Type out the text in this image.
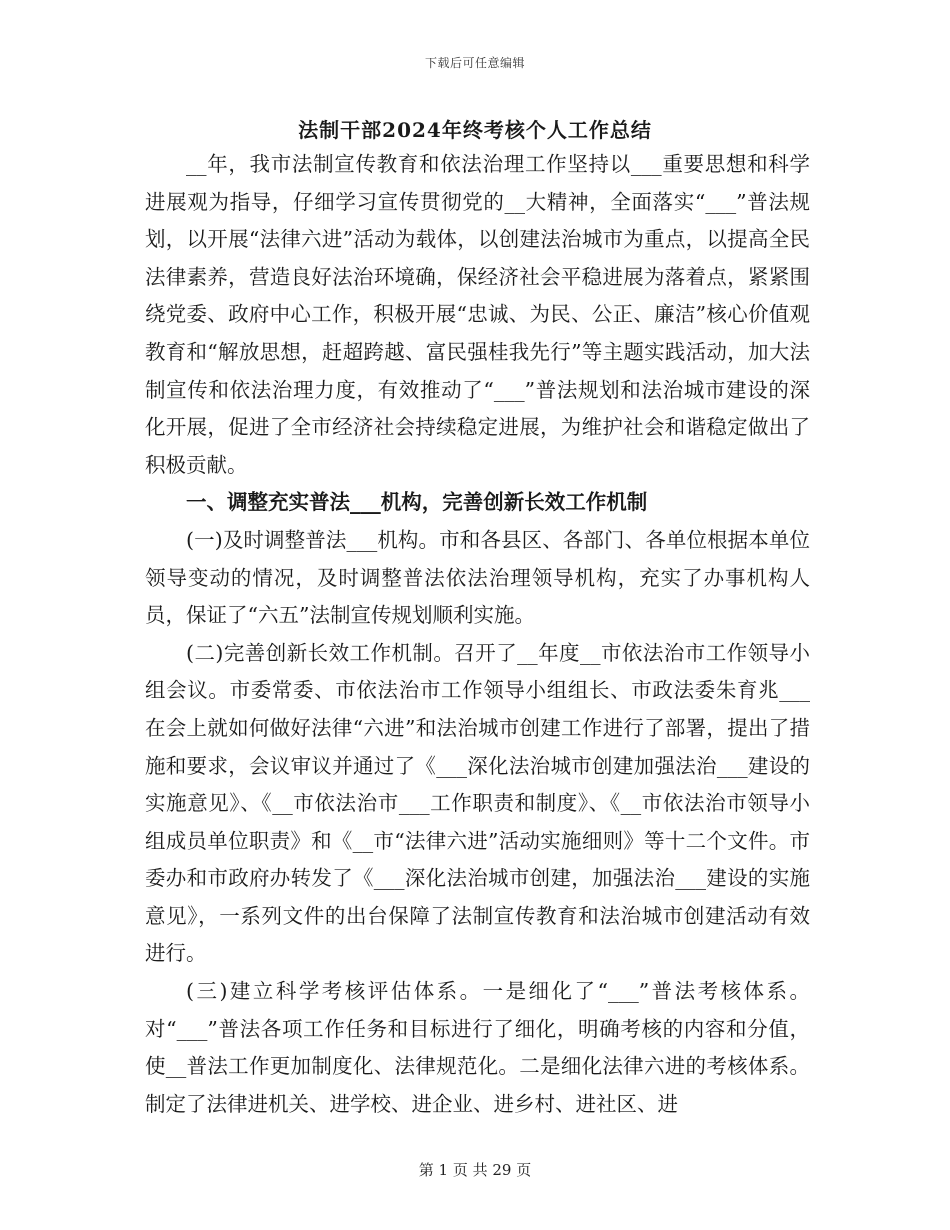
下载后可任意编辑
法制干部2024年终考核个人工作总结

__年，我市法制宣传教育和依法治理工作坚持以___重要思想和科学进展观为指导，仔细学习宣传贯彻党的__大精神，全面落实“___”普法规划，以开展“法律六进”活动为载体，以创建法治城市为重点，以提高全民法律素养，营造良好法治环境确，保经济社会平稳进展为落着点，紧紧围绕党委、政府中心工作，积极开展“忠诚、为民、公正、廉洁”核心价值观教育和“解放思想，赶超跨越、富民强桂我先行”等主题实践活动，加大法制宣传和依法治理力度，有效推动了“___”普法规划和法治城市建设的深化开展，促进了全市经济社会持续稳定进展，为维护社会和谐稳定做出了积极贡献。

一、调整充实普法___机构，完善创新长效工作机制

(一)及时调整普法___机构。市和各县区、各部门、各单位根据本单位领导变动的情况，及时调整普法依法治理领导机构，充实了办事机构人员，保证了“六五”法制宣传规划顺利实施。

(二)完善创新长效工作机制。召开了__年度__市依法治市工作领导小组会议。市委常委、市依法治市工作领导小组组长、市政法委朱育兆___在会上就如何做好法律“六进”和法治城市创建工作进行了部署，提出了措施和要求，会议审议并通过了《___深化法治城市创建加强法治___建设的实施意见》、《__市依法治市___工作职责和制度》、《__市依法治市领导小组成员单位职责》和《__市“法律六进”活动实施细则》等十二个文件。市委办和市政府办转发了《___深化法治城市创建，加强法治___建设的实施意见》，一系列文件的出台保障了法制宣传教育和法治城市创建活动有效进行。

(三)建立科学考核评估体系。一是细化了“___”普法考核体系。对“___”普法各项工作任务和目标进行了细化，明确考核的内容和分值，使__普法工作更加制度化、法律规范化。二是细化法律六进的考核体系。制定了法律进机关、进学校、进企业、进乡村、进社区、进

第 1 页 共 29 页
